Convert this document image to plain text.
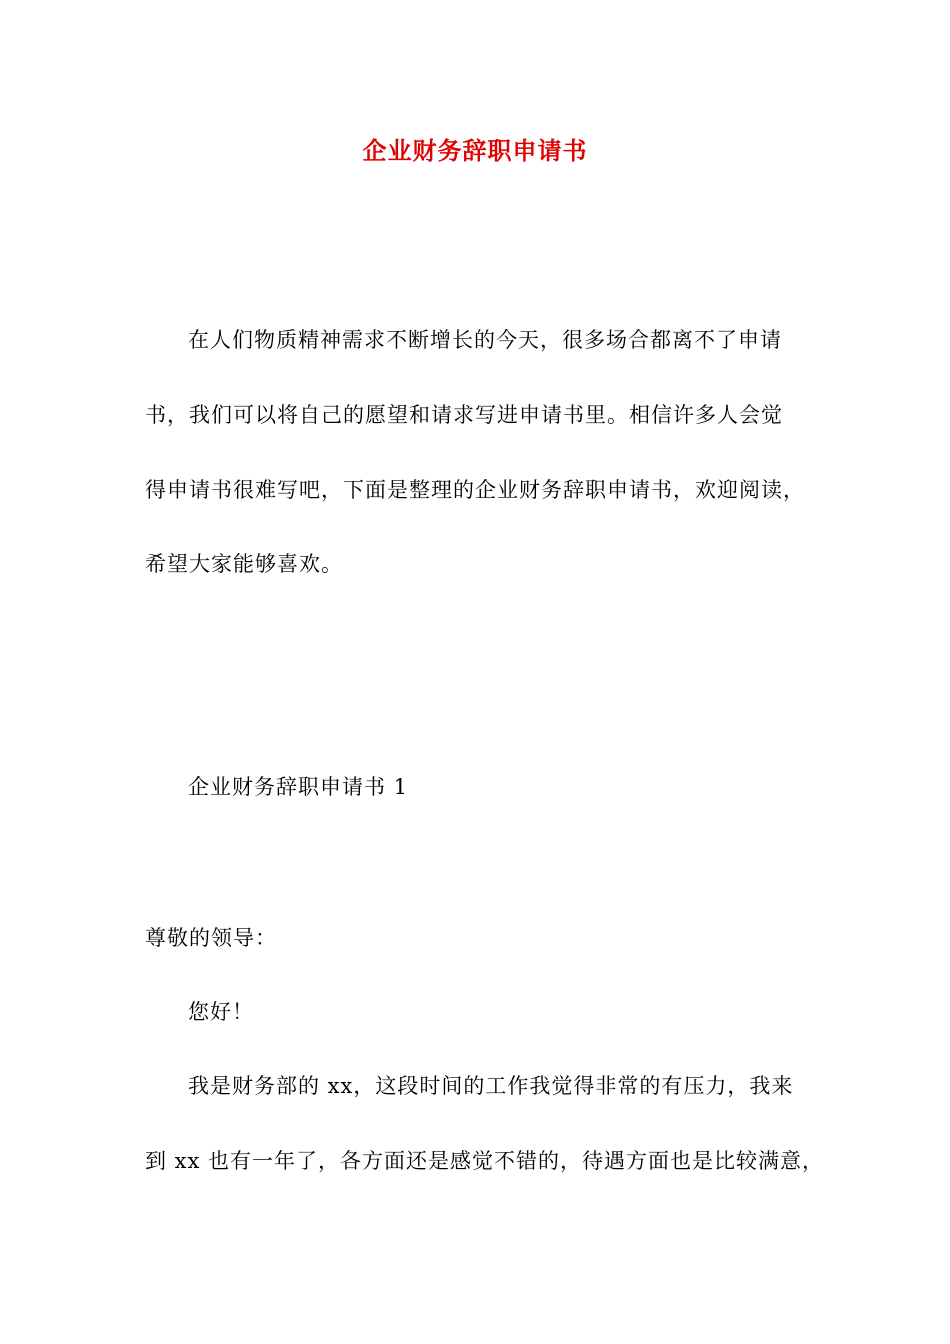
企业财务辞职申请书
在人们物质精神需求不断增长的今天，很多场合都离不了申请
书，我们可以将自己的愿望和请求写进申请书里。相信许多人会觉
得申请书很难写吧，下面是整理的企业财务辞职申请书，欢迎阅读，
希望大家能够喜欢。
企业财务辞职申请书 1
尊敬的领导：
您好！
我是财务部的 xx，这段时间的工作我觉得非常的有压力，我来
到 xx 也有一年了，各方面还是感觉不错的，待遇方面也是比较满意，
